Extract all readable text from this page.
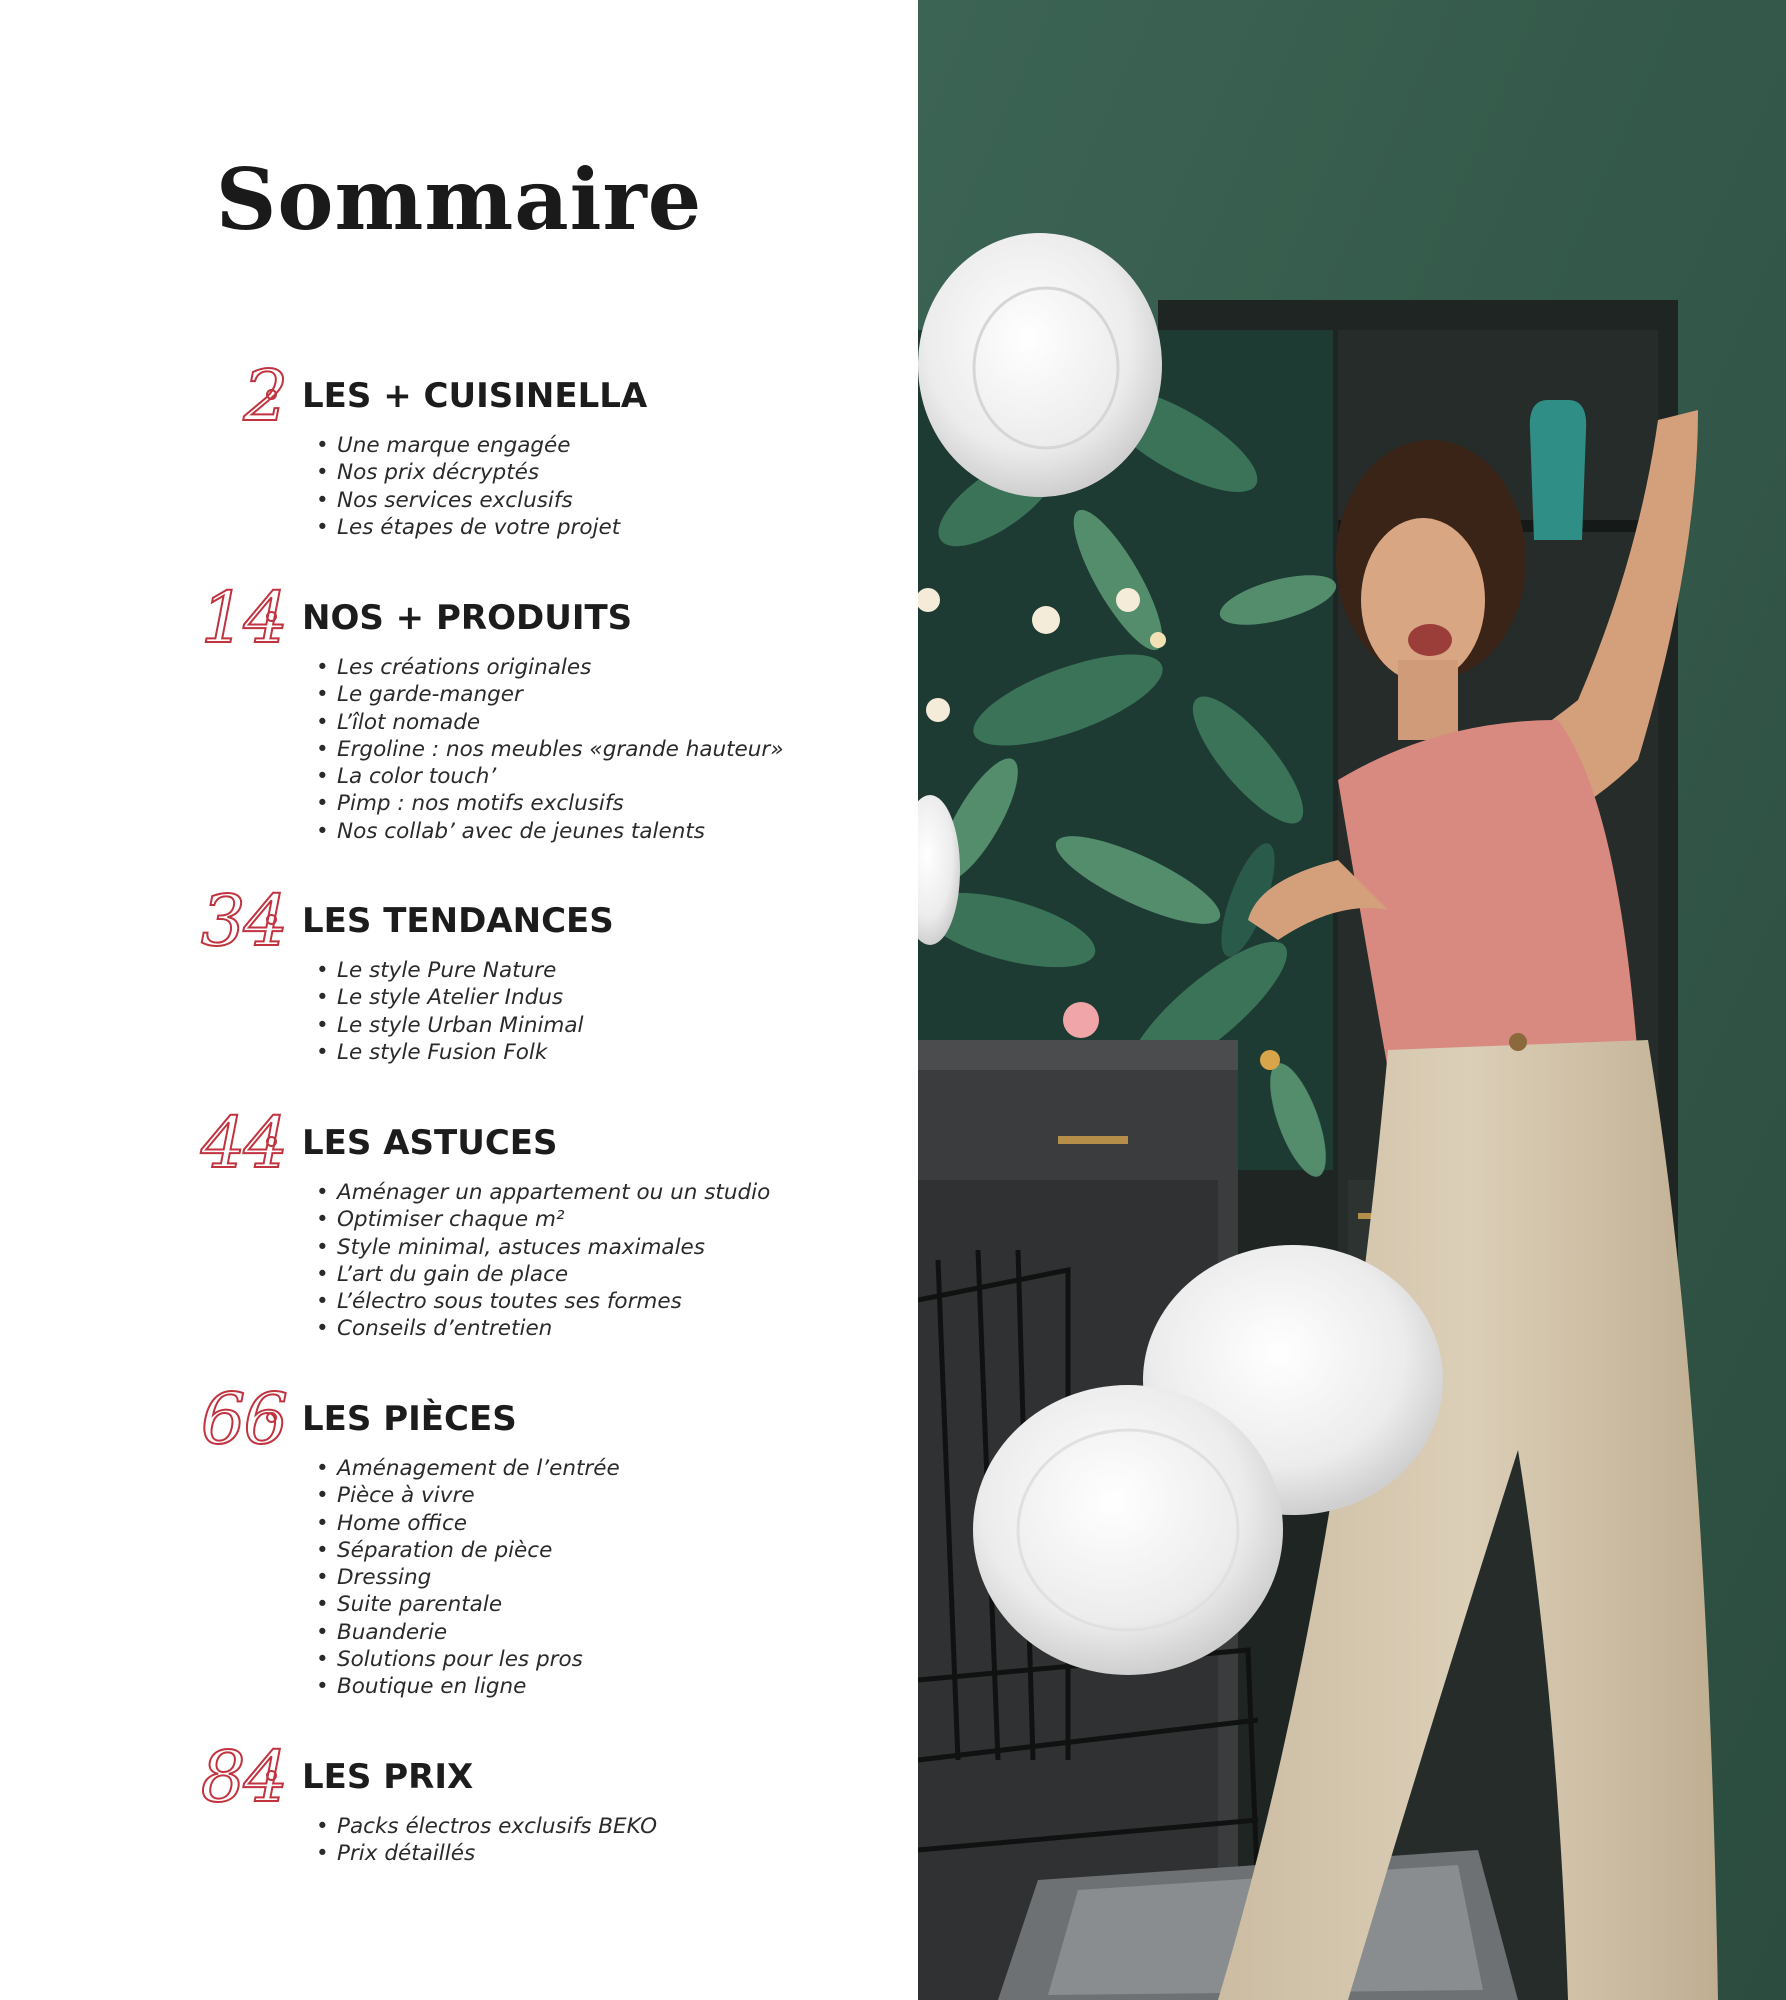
Sommaire
2 LES + CUISINELLA
• Une marque engagée
• Nos prix décryptés
• Nos services exclusifs
• Les étapes de votre projet
14 NOS + PRODUITS
• Les créations originales
• Le garde-manger
• L’îlot nomade
• Ergoline : nos meubles «grande hauteur»
• La color touch’
• Pimp : nos motifs exclusifs
• Nos collab’ avec de jeunes talents
34 LES TENDANCES
• Le style Pure Nature
• Le style Atelier Indus
• Le style Urban Minimal
• Le style Fusion Folk
44 LES ASTUCES
• Aménager un appartement ou un studio
• Optimiser chaque m²
• Style minimal, astuces maximales
• L’art du gain de place
• L’électro sous toutes ses formes
• Conseils d’entretien
66 LES PIÈCES
• Aménagement de l’entrée
• Pièce à vivre
• Home office
• Séparation de pièce
• Dressing
• Suite parentale
• Buanderie
• Solutions pour les pros
• Boutique en ligne
84 LES PRIX
• Packs électros exclusifs BEKO
• Prix détaillés
